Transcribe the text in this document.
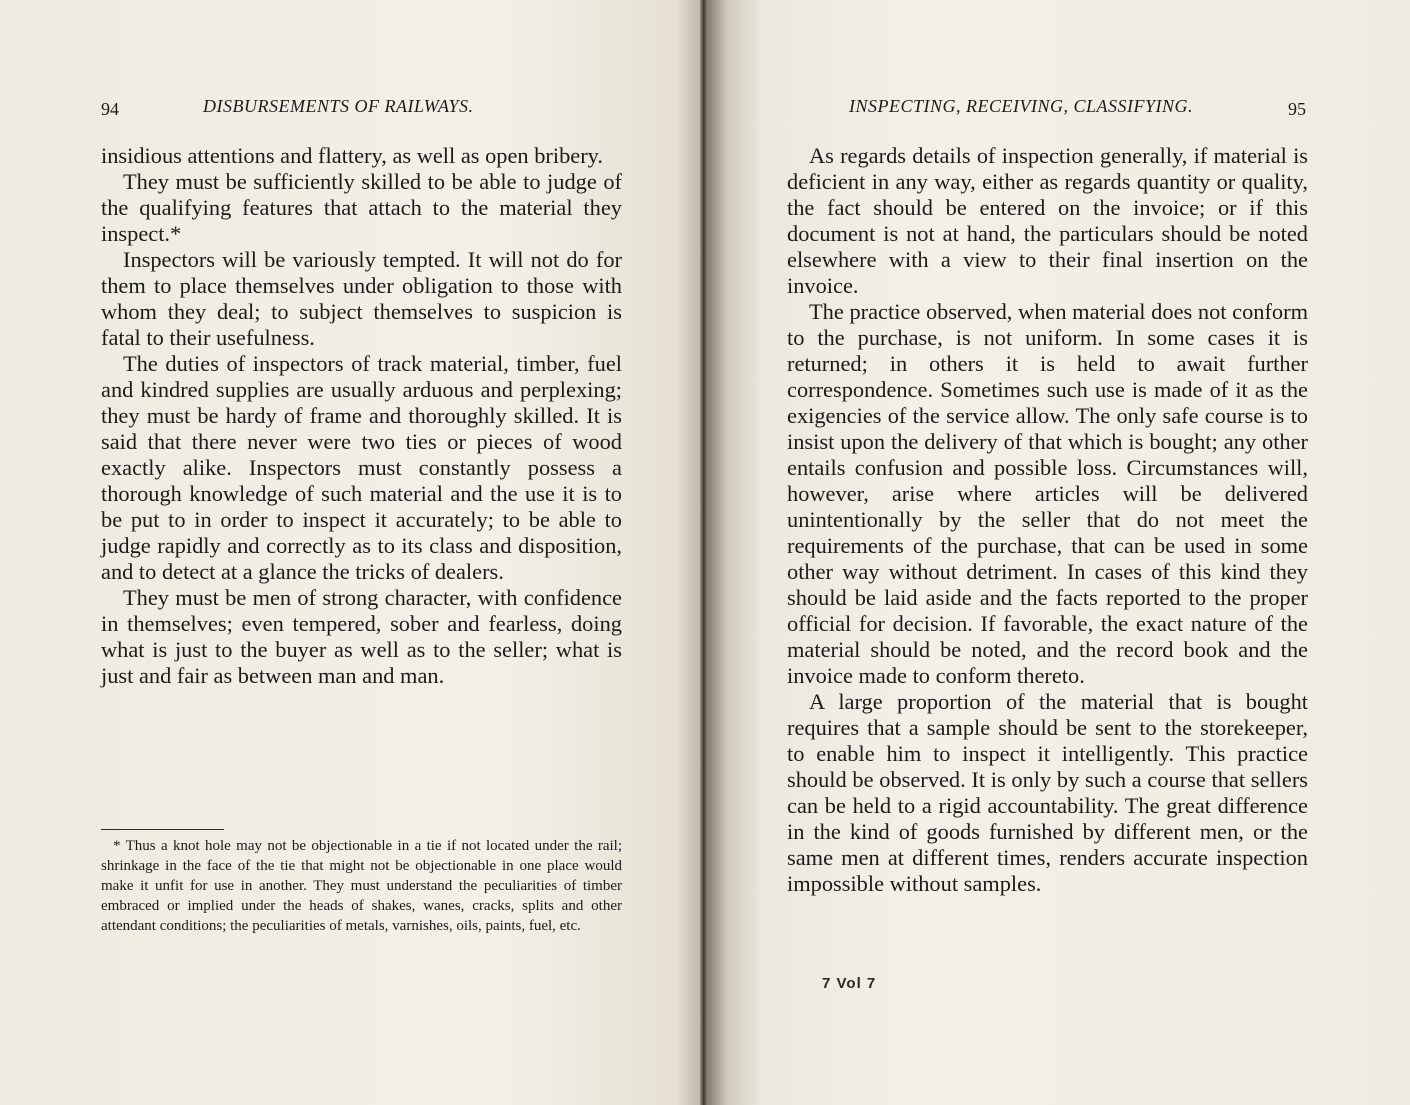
94	DISBURSEMENTS OF RAILWAYS.

insidious attentions and flattery, as well as open bribery.

They must be sufficiently skilled to be able to judge of the qualifying features that attach to the material they inspect.*

Inspectors will be variously tempted. It will not do for them to place themselves under obligation to those with whom they deal; to subject themselves to suspicion is fatal to their usefulness.

The duties of inspectors of track material, timber, fuel and kindred supplies are usually arduous and perplexing; they must be hardy of frame and thoroughly skilled. It is said that there never were two ties or pieces of wood exactly alike. Inspectors must constantly possess a thorough knowledge of such material and the use it is to be put to in order to inspect it accurately; to be able to judge rapidly and correctly as to its class and disposition, and to detect at a glance the tricks of dealers.

They must be men of strong character, with confidence in themselves; even tempered, sober and fearless, doing what is just to the buyer as well as to the seller; what is just and fair as between man and man.

* Thus a knot hole may not be objectionable in a tie if not located under the rail; shrinkage in the face of the tie that might not be objectionable in one place would make it unfit for use in another. They must understand the peculiarities of timber embraced or implied under the heads of shakes, wanes, cracks, splits and other attendant conditions; the peculiarities of metals, varnishes, oils, paints, fuel, etc.

INSPECTING, RECEIVING, CLASSIFYING.	95

As regards details of inspection generally, if material is deficient in any way, either as regards quantity or quality, the fact should be entered on the invoice; or if this document is not at hand, the particulars should be noted elsewhere with a view to their final insertion on the invoice.

The practice observed, when material does not conform to the purchase, is not uniform. In some cases it is returned; in others it is held to await further correspondence. Sometimes such use is made of it as the exigencies of the service allow. The only safe course is to insist upon the delivery of that which is bought; any other entails confusion and possible loss. Circumstances will, however, arise where articles will be delivered unintentionally by the seller that do not meet the requirements of the purchase, that can be used in some other way without detriment. In cases of this kind they should be laid aside and the facts reported to the proper official for decision. If favorable, the exact nature of the material should be noted, and the record book and the invoice made to conform thereto.

A large proportion of the material that is bought requires that a sample should be sent to the storekeeper, to enable him to inspect it intelligently. This practice should be observed. It is only by such a course that sellers can be held to a rigid accountability. The great difference in the kind of goods furnished by different men, or the same men at different times, renders accurate inspection impossible without samples.

7 Vol 7
